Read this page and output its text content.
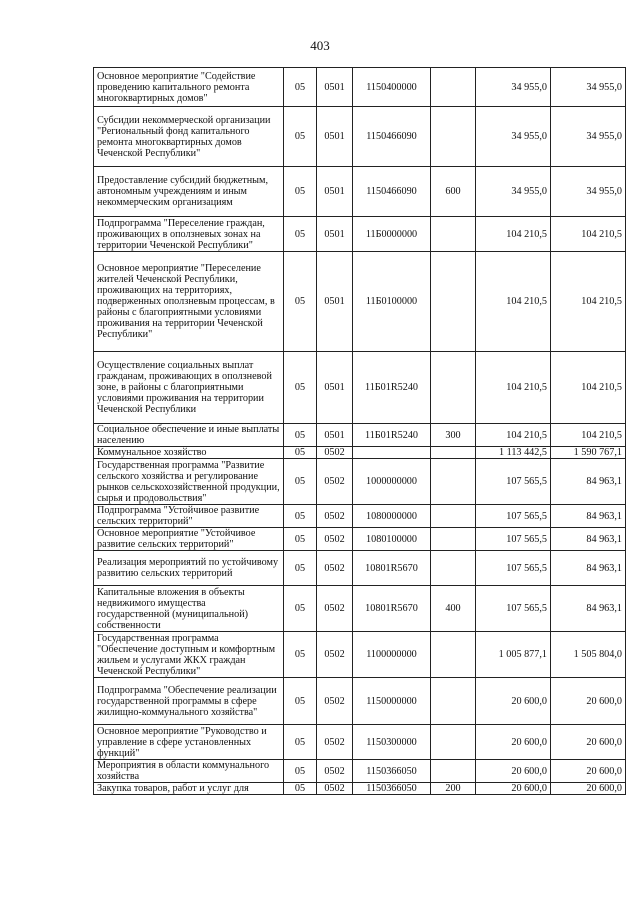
403
Основное мероприятие "Содействие проведению капитального ремонта многоквартирных домов"	05	0501	1150400000		34 955,0	34 955,0
Субсидии некоммерческой организации "Региональный фонд капитального ремонта многоквартирных домов Чеченской Республики"	05	0501	1150466090		34 955,0	34 955,0
Предоставление субсидий бюджетным, автономным учреждениям и иным некоммерческим организациям	05	0501	1150466090	600	34 955,0	34 955,0
Подпрограмма "Переселение граждан, проживающих в оползневых зонах на территории Чеченской Республики"	05	0501	11Б0000000		104 210,5	104 210,5
Основное мероприятие "Переселение жителей Чеченской Республики, проживающих на территориях, подверженных оползневым процессам, в районы с благоприятными условиями проживания на территории Чеченской Республики"	05	0501	11Б0100000		104 210,5	104 210,5
Осуществление социальных выплат гражданам, проживающих в оползневой зоне, в районы с благоприятными условиями проживания на территории Чеченской Республики	05	0501	11Б01R5240		104 210,5	104 210,5
Социальное обеспечение и иные выплаты населению	05	0501	11Б01R5240	300	104 210,5	104 210,5
Коммунальное хозяйство	05	0502			1 113 442,5	1 590 767,1
Государственная программа "Развитие сельского хозяйства и регулирование рынков сельскохозяйственной продукции, сырья и продовольствия"	05	0502	1000000000		107 565,5	84 963,1
Подпрограмма "Устойчивое развитие сельских территорий"	05	0502	1080000000		107 565,5	84 963,1
Основное мероприятие "Устойчивое развитие сельских территорий"	05	0502	1080100000		107 565,5	84 963,1
Реализация мероприятий по устойчивому развитию сельских территорий	05	0502	10801R5670		107 565,5	84 963,1
Капитальные вложения в объекты недвижимого имущества государственной (муниципальной) собственности	05	0502	10801R5670	400	107 565,5	84 963,1
Государственная программа "Обеспечение доступным и комфортным жильем и услугами ЖКХ граждан Чеченской Республики"	05	0502	1100000000		1 005 877,1	1 505 804,0
Подпрограмма "Обеспечение реализации государственной программы в сфере жилищно-коммунального хозяйства"	05	0502	1150000000		20 600,0	20 600,0
Основное мероприятие "Руководство и управление в сфере установленных функций"	05	0502	1150300000		20 600,0	20 600,0
Мероприятия в области коммунального хозяйства	05	0502	1150366050		20 600,0	20 600,0
Закупка товаров, работ и услуг для	05	0502	1150366050	200	20 600,0	20 600,0
